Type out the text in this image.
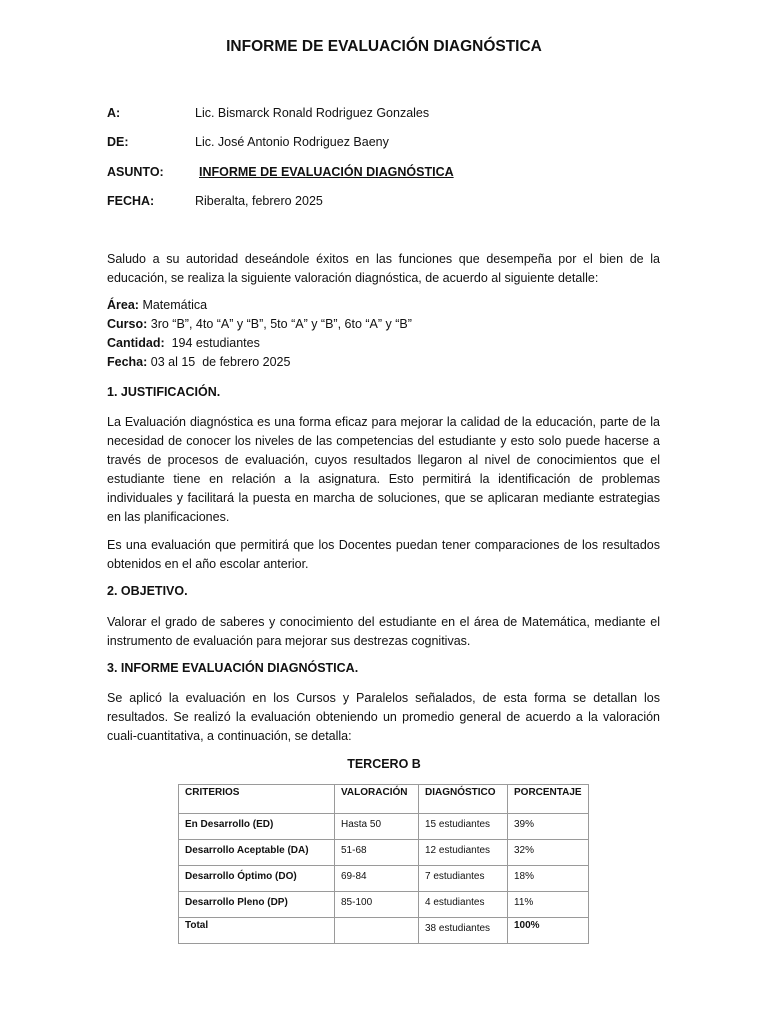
INFORME DE EVALUACIÓN DIAGNÓSTICA
A:	Lic. Bismarck Ronald Rodriguez Gonzales
DE:	Lic. José Antonio Rodriguez Baeny
ASUNTO:	INFORME DE EVALUACIÓN DIAGNÓSTICA
FECHA:	Riberalta, febrero 2025
Saludo a su autoridad deseándole éxitos en las funciones que desempeña por el bien de la educación, se realiza la siguiente valoración diagnóstica, de acuerdo al siguiente detalle:
Área: Matemática
Curso: 3ro “B”, 4to “A” y “B”, 5to “A” y “B”, 6to “A” y “B”
Cantidad:  194 estudiantes
Fecha: 03 al 15  de febrero 2025
1. JUSTIFICACIÓN.
La Evaluación diagnóstica es una forma eficaz para mejorar la calidad de la educación, parte de la necesidad de conocer los niveles de las competencias del estudiante y esto solo puede hacerse a través de procesos de evaluación, cuyos resultados llegaron al nivel de conocimientos que el estudiante tiene en relación a la asignatura. Esto permitirá la identificación de problemas individuales y facilitará la puesta en marcha de soluciones, que se aplicaran mediante estrategias en las planificaciones.
Es una evaluación que permitirá que los Docentes puedan tener comparaciones de los resultados obtenidos en el año escolar anterior.
2. OBJETIVO.
Valorar el grado de saberes y conocimiento del estudiante en el área de Matemática, mediante el instrumento de evaluación para mejorar sus destrezas cognitivas.
3. INFORME EVALUACIÓN DIAGNÓSTICA.
Se aplicó la evaluación en los Cursos y Paralelos señalados, de esta forma se detallan los resultados. Se realizó la evaluación obteniendo un promedio general de acuerdo a la valoración cuali-cuantitativa, a continuación, se detalla:
TERCERO B
CRITERIOS	VALORACIÓN	DIAGNÓSTICO	PORCENTAJE
En Desarrollo (ED)	Hasta 50	15 estudiantes	39%
Desarrollo Aceptable (DA)	51-68	12 estudiantes	32%
Desarrollo Óptimo (DO)	69-84	7 estudiantes	18%
Desarrollo Pleno (DP)	85-100	4 estudiantes	11%
Total		38 estudiantes	100%
